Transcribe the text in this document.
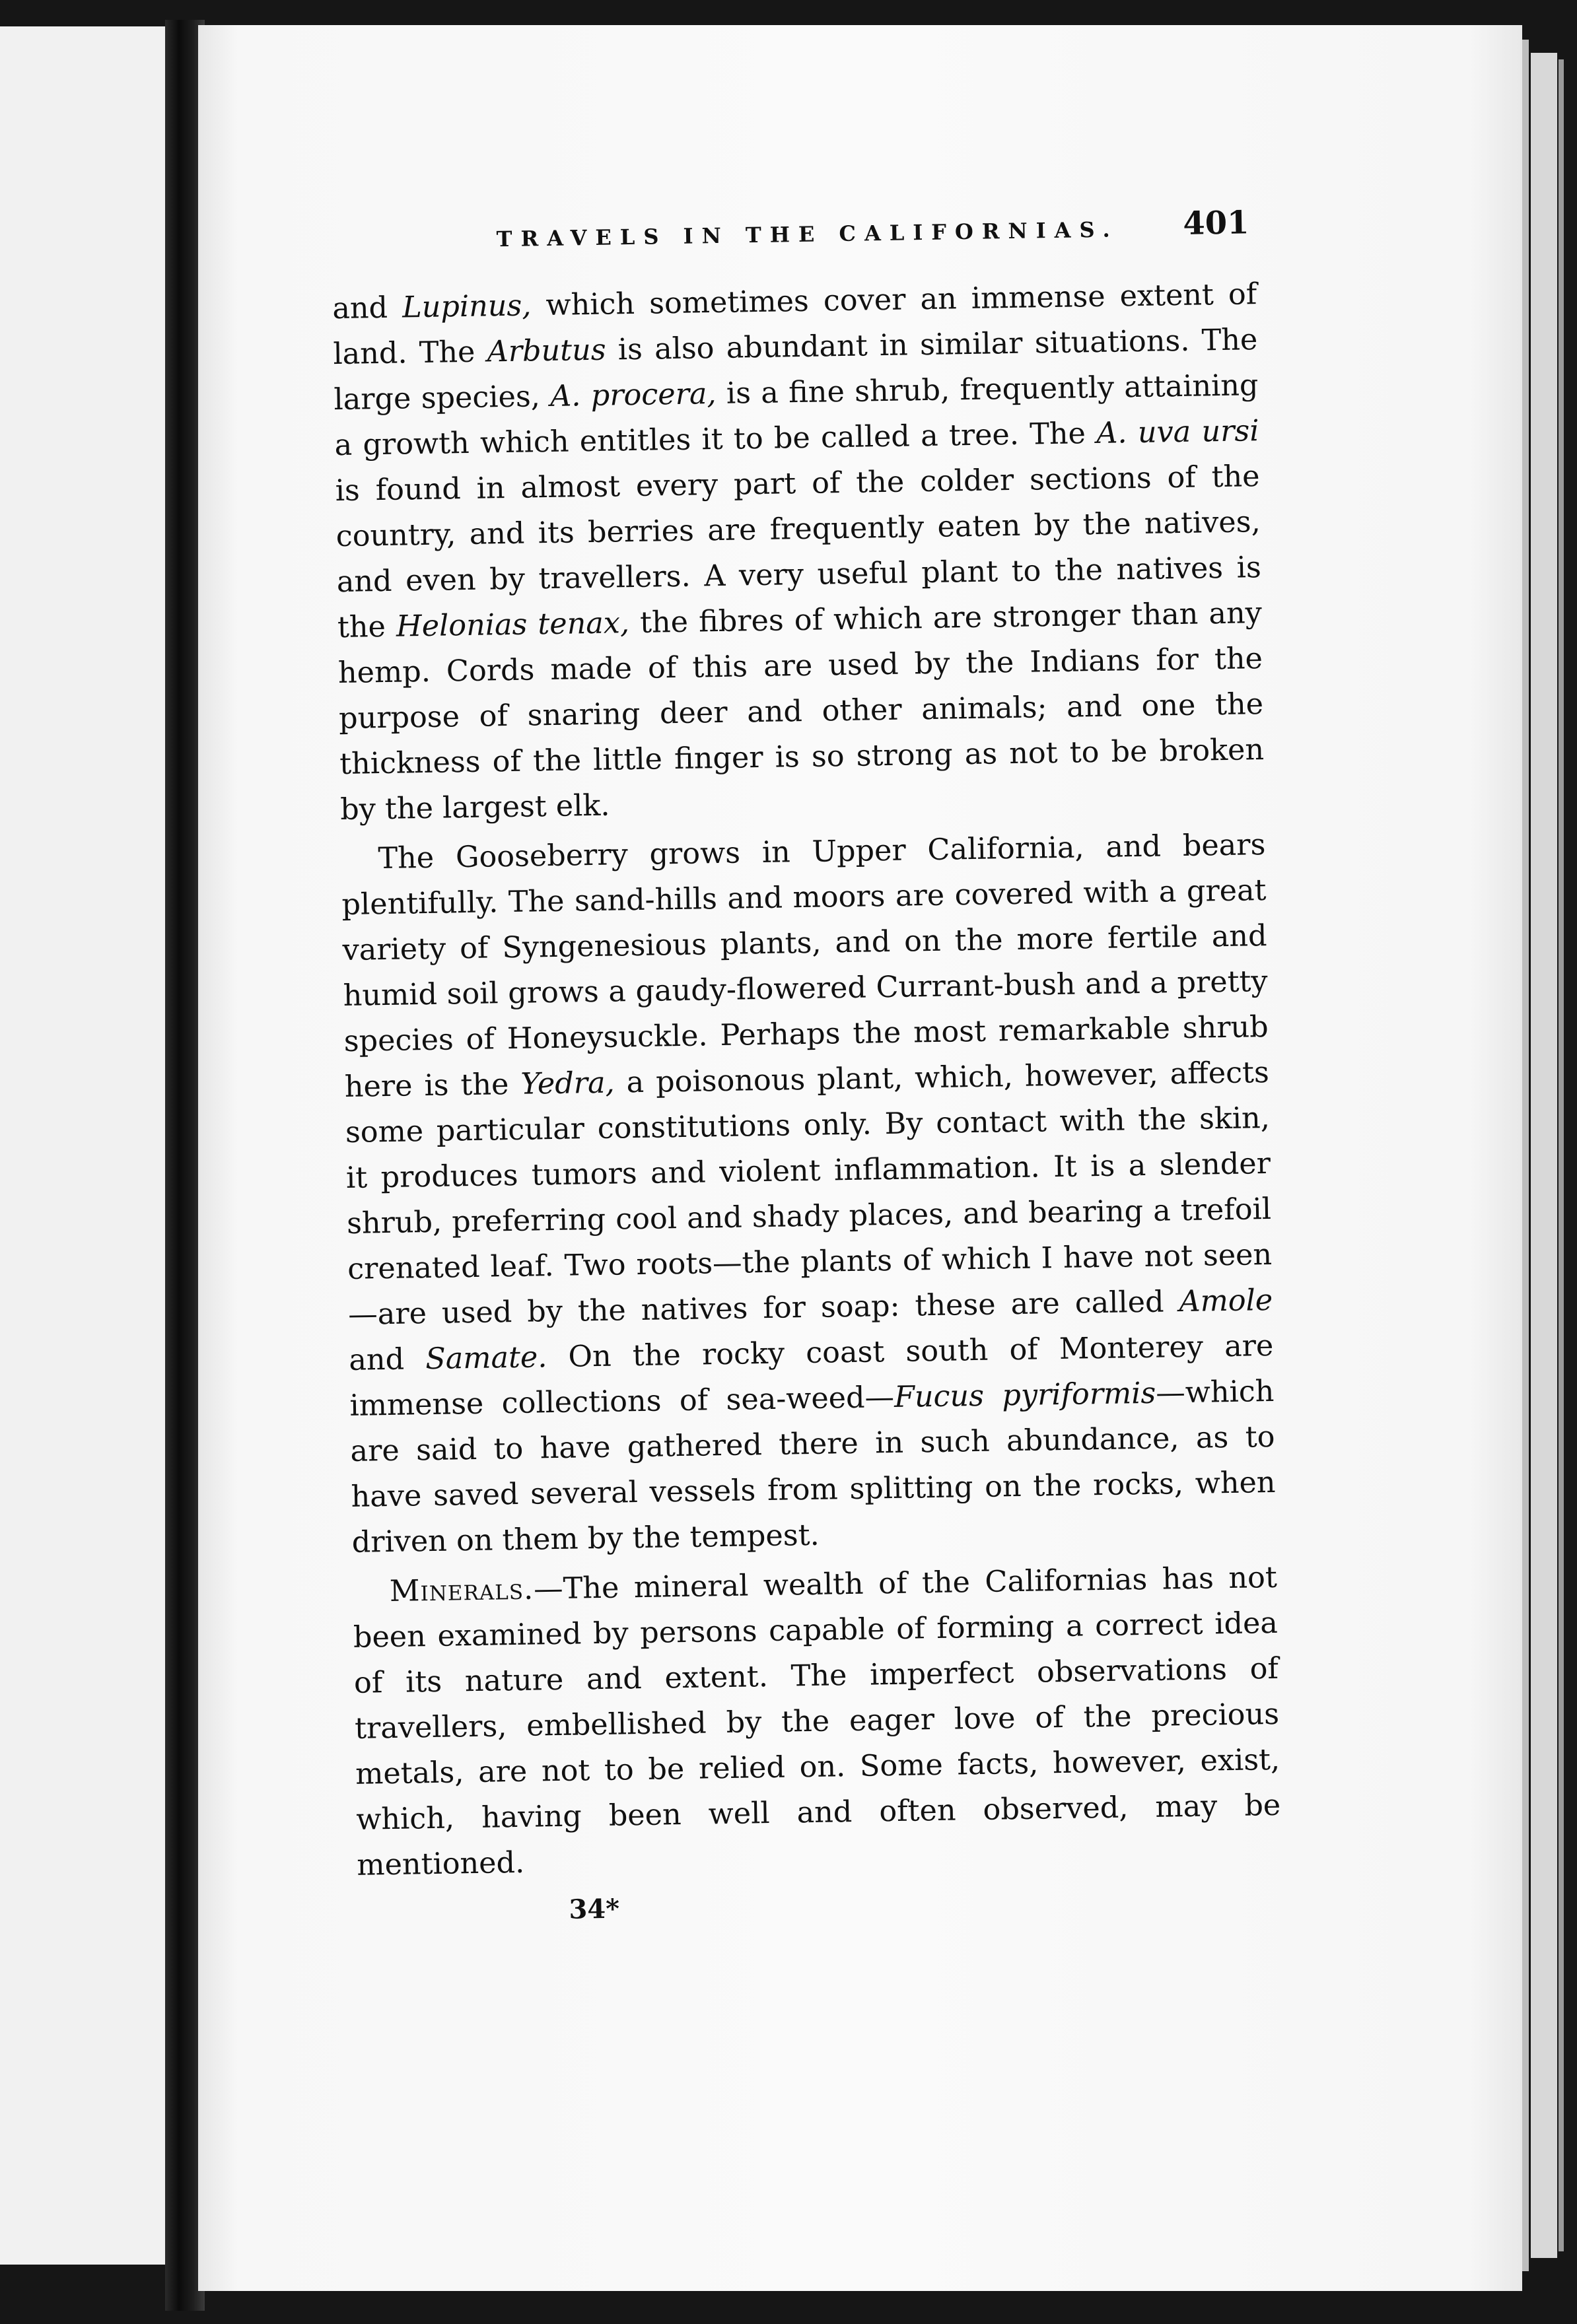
TRAVELS IN THE CALIFORNIAS. 401

and Lupinus, which sometimes cover an immense extent of land. The Arbutus is also abundant in similar situations. The large species, A. procera, is a fine shrub, frequently attaining a growth which entitles it to be called a tree. The A. uva ursi is found in almost every part of the colder sections of the country, and its berries are frequently eaten by the natives, and even by travellers. A very useful plant to the natives is the Helonias tenax, the fibres of which are stronger than any hemp. Cords made of this are used by the Indians for the purpose of snaring deer and other animals; and one the thickness of the little finger is so strong as not to be broken by the largest elk.

The Gooseberry grows in Upper California, and bears plentifully. The sand-hills and moors are covered with a great variety of Syngenesious plants, and on the more fertile and humid soil grows a gaudy-flowered Currant-bush and a pretty species of Honeysuckle. Perhaps the most remarkable shrub here is the Yedra, a poisonous plant, which, however, affects some particular constitutions only. By contact with the skin, it produces tumors and violent inflammation. It is a slender shrub, preferring cool and shady places, and bearing a trefoil crenated leaf. Two roots—the plants of which I have not seen—are used by the natives for soap: these are called Amole and Samate. On the rocky coast south of Monterey are immense collections of sea-weed—Fucus pyriformis—which are said to have gathered there in such abundance, as to have saved several vessels from splitting on the rocks, when driven on them by the tempest.

Minerals.—The mineral wealth of the Californias has not been examined by persons capable of forming a correct idea of its nature and extent. The imperfect observations of travellers, embellished by the eager love of the precious metals, are not to be relied on. Some facts, however, exist, which, having been well and often observed, may be mentioned.

34*
